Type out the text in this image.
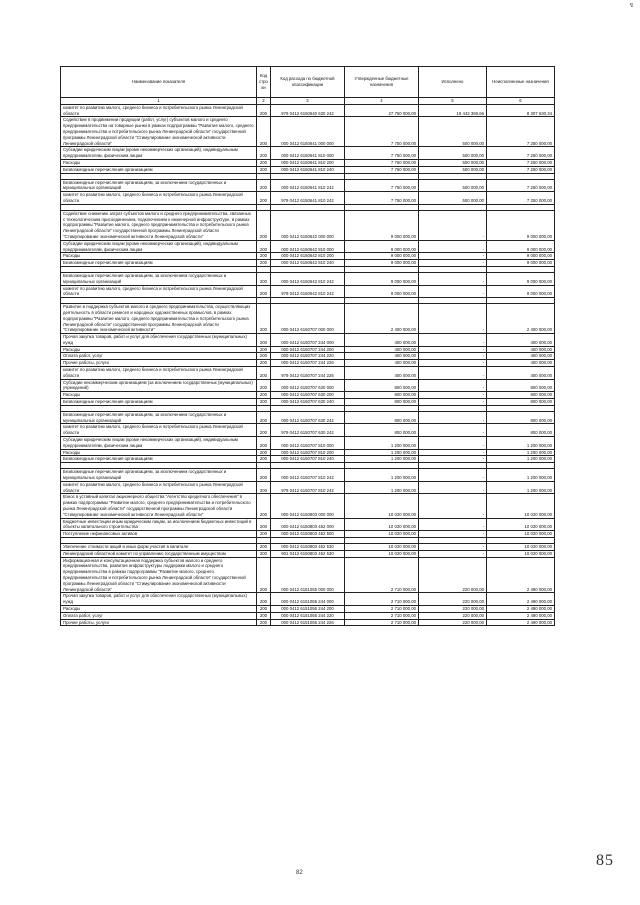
↯
Наименование показателя	Код стро ки	Код расхода по бюджетной классификации	Утвержденные бюджетные назначения	Исполнено	Неисполненные назначения
1	2	3	4	5	6
комитет по развитию малого, среднего бизнеса и потребительского рынка Ленинградской области	200	979 0412 6150640 630 242	27 750 000,00	19 442 369,66	8 307 630,34
Содействие в продвижении продукции (работ, услуг) субъектов малого и среднего предпринимательства на товарные рынки в рамках подпрограммы "Развитие малого, среднего предпринимательства и потребительского рынка Ленинградской области" государственной программы Ленинградской области "Стимулирование экономической активности Ленинградской области"	200	000 0412 6150641 000 000	7 750 000,00	500 000,00	7 250 000,00
Субсидии юридическим лицам (кроме некоммерческих организаций), индивидуальным предпринимателям, физическим лицам	200	000 0412 6150641 810 000	7 750 000,00	500 000,00	7 250 000,00
Расходы	200	000 0412 6150641 810 200	7 750 000,00	500 000,00	7 250 000,00
Безвозмездные перечисления организациям	200	000 0412 6150641 810 240	7 750 000,00	500 000,00	7 250 000,00

Безвозмездные перечисления организациям, за исключением государственных и муниципальных организаций	200	000 0412 6150641 810 242	7 750 000,00	500 000,00	7 250 000,00
комитет по развитию малого, среднего бизнеса и потребительского рынка Ленинградской области	200	979 0412 6150641 810 242	7 750 000,00	500 000,00	7 250 000,00

Содействие снижению затрат субъектов малого и среднего предпринимательства, связанных с технологическим присоединением, подключением к инженерной инфраструктуре, в рамках подпрограммы "Развитие малого, среднего предпринимательства и потребительского рынка Ленинградской области" государственной программы Ленинградской области "Стимулирование экономической активности Ленинградской области"	200	000 0412 6150642 000 000	9 000 000,00	-	9 000 000,00
Субсидии юридическим лицам (кроме некоммерческих организаций), индивидуальным предпринимателям, физическим лицам	200	000 0412 6150642 810 000	9 000 000,00	-	9 000 000,00
Расходы	200	000 0412 6150642 810 200	9 000 000,00	-	9 000 000,00
Безвозмездные перечисления организациям	200	000 0412 6150642 810 240	9 000 000,00	-	9 000 000,00

Безвозмездные перечисления организациям, за исключением государственных и муниципальных организаций	200	000 0412 6150642 810 242	9 000 000,00	-	9 000 000,00
комитет по развитию малого, среднего бизнеса и потребительского рынка Ленинградской области	200	979 0412 6150642 810 242	9 000 000,00	-	9 000 000,00

Развитие и поддержка субъектов малого и среднего предпринимательства, осуществляющих деятельность в области ремесел и народных художественных промыслов, в рамках подпрограммы "Развитие малого, среднего предпринимательства и потребительского рынка Ленинградской области" государственной программы Ленинградской области "Стимулирование экономической активности"	200	000 0412 6150707 000 000	2 400 000,00	-	2 400 000,00
Прочая закупка товаров, работ и услуг для обеспечения государственных (муниципальных) нужд	200	000 0412 6150707 244 000	400 000,00	-	400 000,00
Расходы	200	000 0412 6150707 244 200	400 000,00	-	400 000,00
Оплата работ, услуг	200	000 0412 6150707 244 220	400 000,00	-	400 000,00
Прочие работы, услуги	200	000 0412 6150707 244 226	400 000,00	-	400 000,00
комитет по развитию малого, среднего бизнеса и потребительского рынка Ленинградской области	200	979 0412 6150707 244 226	400 000,00	-	400 000,00
Субсидии некоммерческим организациям (за исключением государственных (муниципальных) учреждений)	200	000 0412 6150707 630 000	800 000,00	-	800 000,00
Расходы	200	000 0412 6150707 630 200	800 000,00	-	800 000,00
Безвозмездные перечисления организациям	200	000 0412 6150707 630 240	800 000,00	-	800 000,00

Безвозмездные перечисления организациям, за исключением государственных и муниципальных организаций	200	000 0412 6150707 630 242	800 000,00	-	800 000,00
комитет по развитию малого, среднего бизнеса и потребительского рынка Ленинградской области	200	979 0412 6150707 630 242	800 000,00	-	800 000,00
Субсидии юридическим лицам (кроме некоммерческих организаций), индивидуальным предпринимателям, физическим лицам	200	000 0412 6150707 810 000	1 200 000,00	-	1 200 000,00
Расходы	200	000 0412 6150707 810 200	1 200 000,00	-	1 200 000,00
Безвозмездные перечисления организациям	200	000 0412 6150707 810 240	1 200 000,00	-	1 200 000,00

Безвозмездные перечисления организациям, за исключением государственных и муниципальных организаций	200	000 0412 6150707 810 242	1 200 000,00	-	1 200 000,00
комитет по развитию малого, среднего бизнеса и потребительского рынка Ленинградской области	200	979 0412 6150707 810 242	1 200 000,00	-	1 200 000,00
Взнос в уставный капитал акционерного общества "Агентство кредитного обеспечения" в рамках подпрограммы "Развитие малого, среднего предпринимательства и потребительского рынка Ленинградской области" государственной программы Ленинградской области "Стимулирование экономической активности Ленинградской области"	200	000 0412 6150803 000 000	10 020 000,00	-	10 020 000,00
Бюджетные инвестиции иным юридическим лицам, за исключением бюджетных инвестиций в объекты капитального строительства	200	000 0412 6150803 452 000	10 020 000,00	-	10 020 000,00
Поступление нефинансовых активов	200	000 0412 6150803 452 500	10 020 000,00	-	10 020 000,00

Увеличение стоимости акций и иных форм участия в капитале	200	000 0412 6150803 452 530	10 020 000,00	-	10 020 000,00
Ленинградский областной комитет по управлению государственным имуществом	200	901 0412 6150803 452 530	10 020 000,00	-	10 020 000,00
Информационная и консультационная поддержка субъектов малого и среднего предпринимательства, развитие инфраструктуры поддержки малого и среднего предпринимательства в рамках подпрограммы "Развитие малого, среднего предпринимательства и потребительского рынка Ленинградской области" государственной программы Ленинградской области "Стимулирование экономической активности Ленинградской области"	200	000 0412 6151055 000 000	2 710 000,00	220 000,00	2 490 000,00
Прочая закупка товаров, работ и услуг для обеспечения государственных (муниципальных) нужд	200	000 0412 6151055 244 000	2 710 000,00	220 000,00	2 490 000,00
Расходы	200	000 0412 6151055 244 200	2 710 000,00	220 000,00	2 490 000,00
Оплата работ, услуг	200	000 0412 6151055 244 220	2 710 000,00	220 000,00	2 490 000,00
Прочие работы, услуги	200	000 0412 6151055 244 226	2 710 000,00	220 000,00	2 490 000,00
82
85
